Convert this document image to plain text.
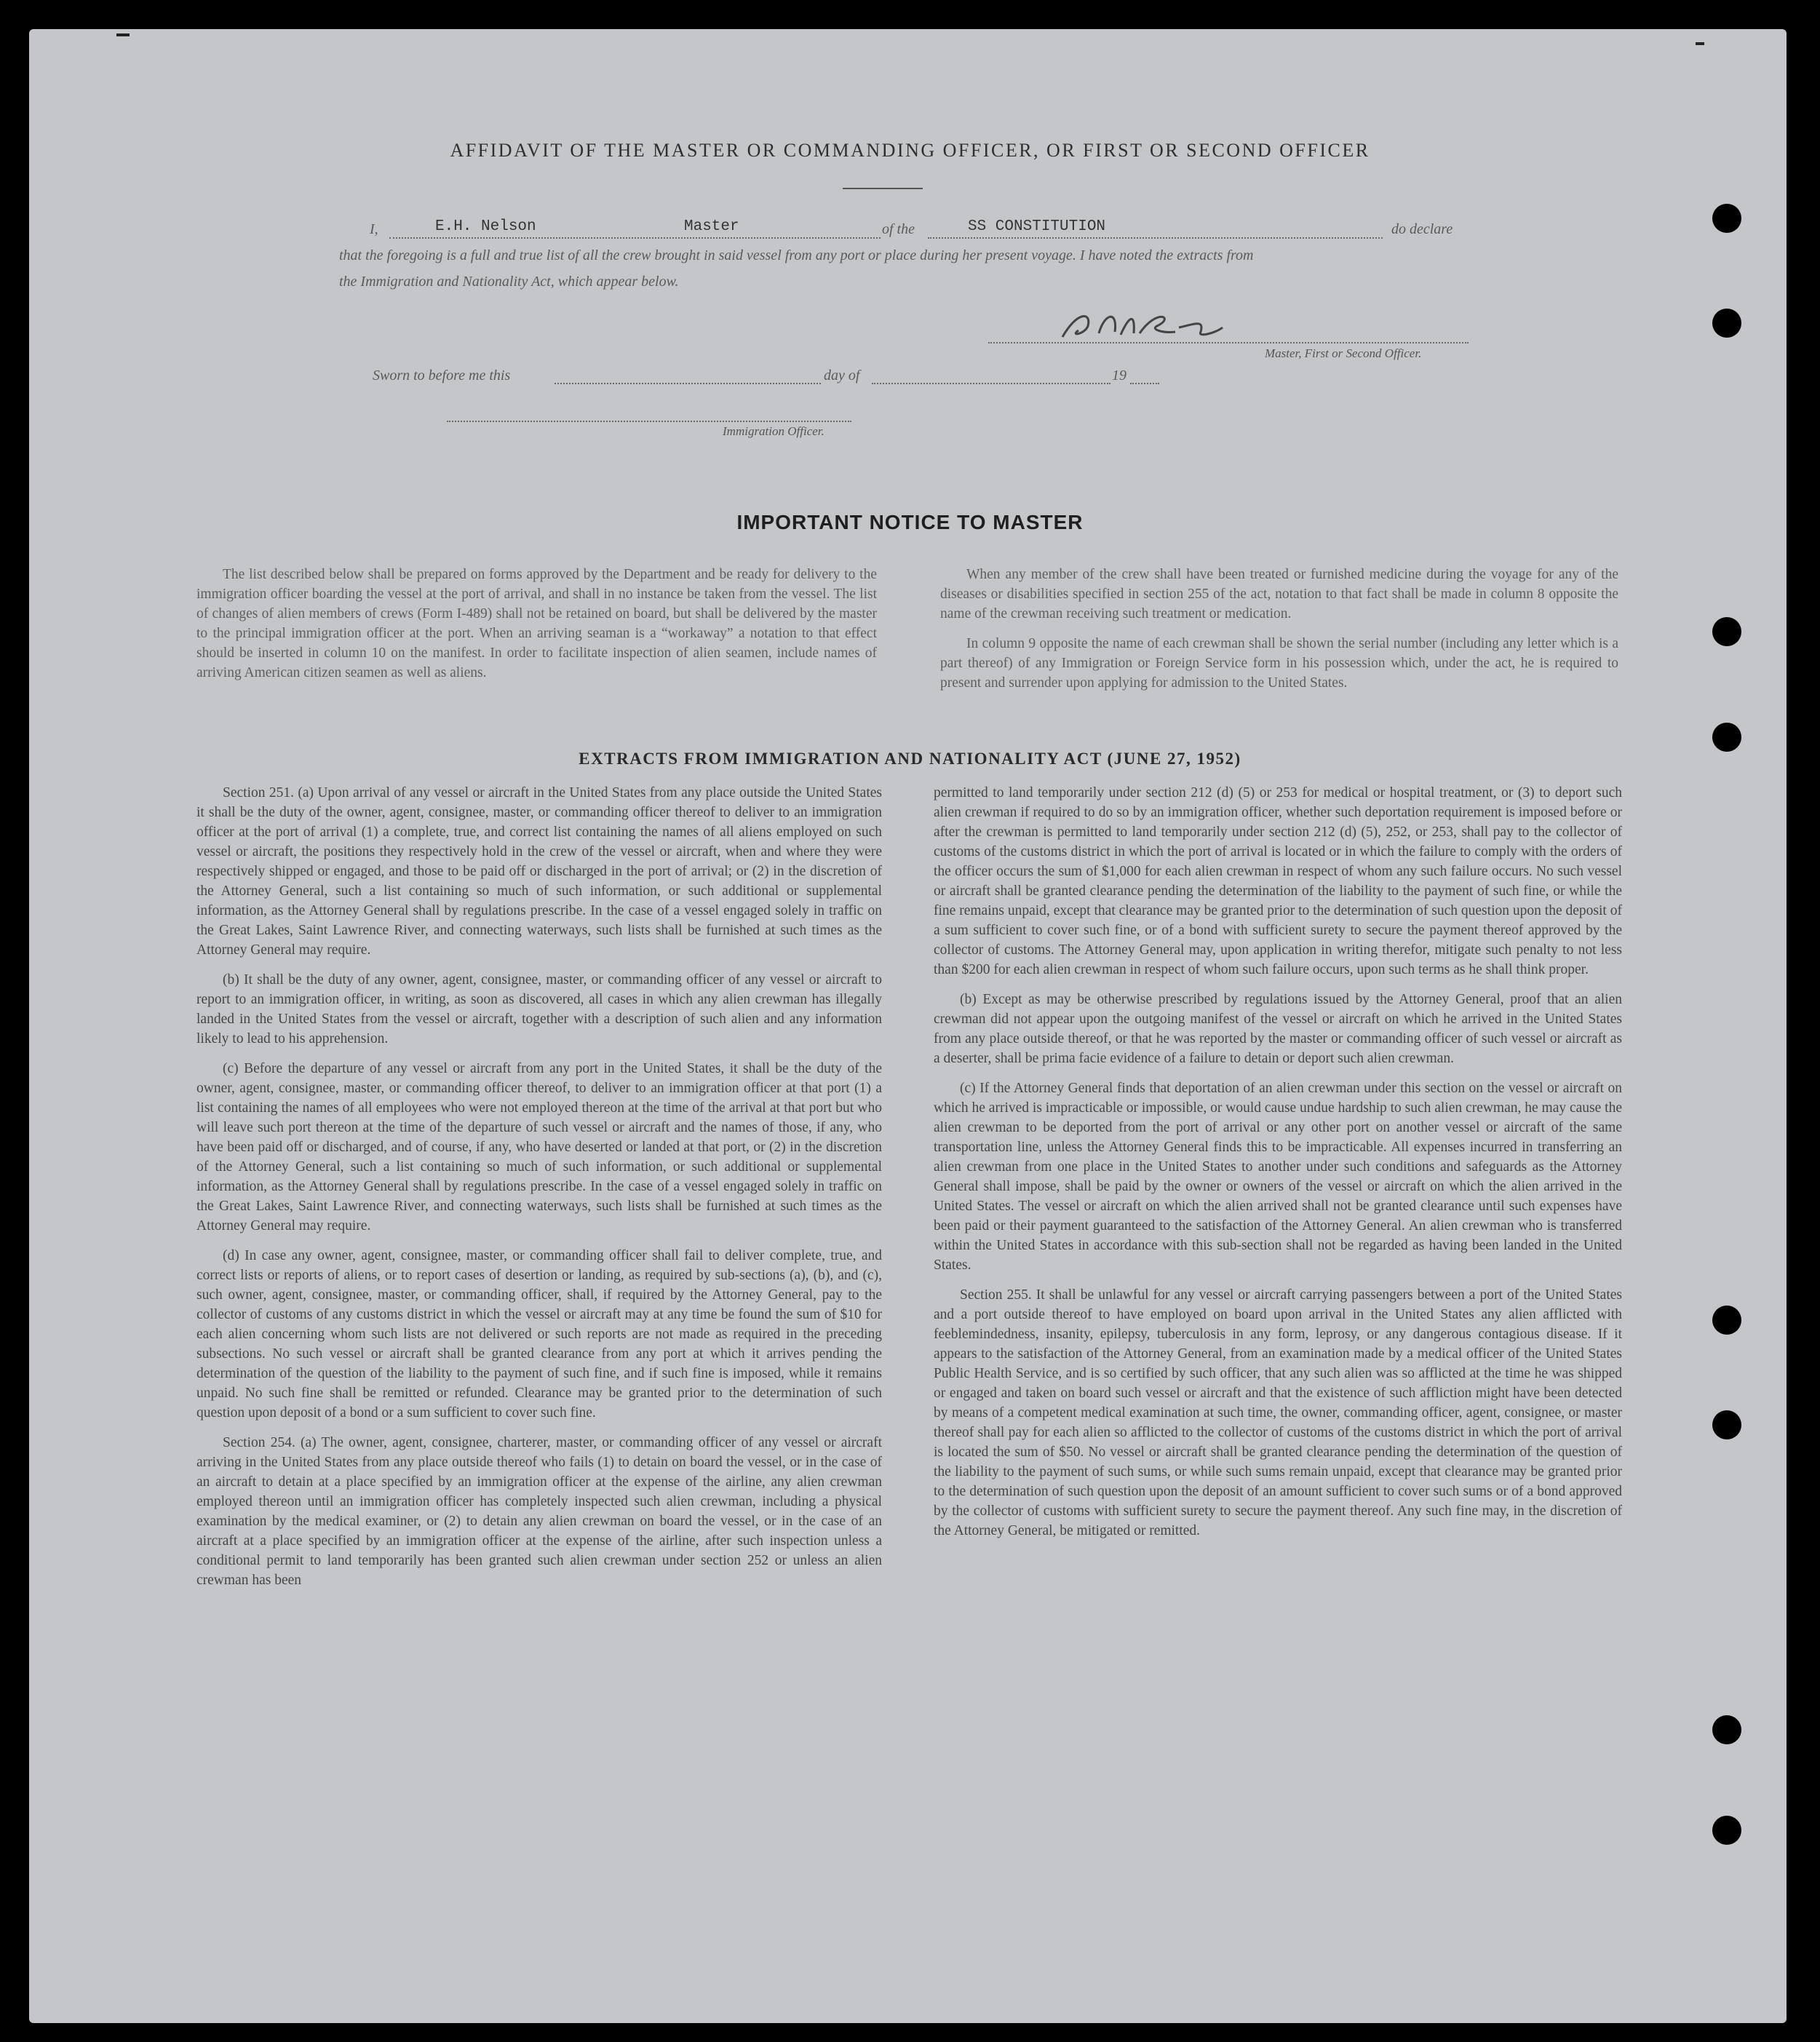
AFFIDAVIT OF THE MASTER OR COMMANDING OFFICER, OR FIRST OR SECOND OFFICER
I,	E.H. Nelson	Master	of the	SS CONSTITUTION	do declare
that the foregoing is a full and true list of all the crew brought in said vessel from any port or place during her present voyage. I have noted the extracts from
the Immigration and Nationality Act, which appear below.
Master, First or Second Officer.
Sworn to before me this	day of	19
Immigration Officer.
IMPORTANT NOTICE TO MASTER

The list described below shall be prepared on forms approved by the Department and be ready for delivery to the immigration officer boarding the vessel at the port of arrival, and shall in no instance be taken from the vessel. The list of changes of alien members of crews (Form I-489) shall not be retained on board, but shall be delivered by the master to the principal immigration officer at the port. When an arriving seaman is a “workaway” a notation to that effect should be inserted in column 10 on the manifest. In order to facilitate inspection of alien seamen, include names of arriving American citizen seamen as well as aliens.

When any member of the crew shall have been treated or furnished medicine during the voyage for any of the diseases or disabilities specified in section 255 of the act, notation to that fact shall be made in column 8 opposite the name of the crewman receiving such treatment or medication.

In column 9 opposite the name of each crewman shall be shown the serial number (including any letter which is a part thereof) of any Immigration or Foreign Service form in his possession which, under the act, he is required to present and surrender upon applying for admission to the United States.

EXTRACTS FROM IMMIGRATION AND NATIONALITY ACT (JUNE 27, 1952)

Section 251. (a) Upon arrival of any vessel or aircraft in the United States from any place outside the United States it shall be the duty of the owner, agent, consignee, master, or commanding officer thereof to deliver to an immigration officer at the port of arrival (1) a complete, true, and correct list containing the names of all aliens employed on such vessel or aircraft, the positions they respectively hold in the crew of the vessel or aircraft, when and where they were respectively shipped or engaged, and those to be paid off or discharged in the port of arrival; or (2) in the discretion of the Attorney General, such a list containing so much of such information, or such additional or supplemental information, as the Attorney General shall by regulations prescribe. In the case of a vessel engaged solely in traffic on the Great Lakes, Saint Lawrence River, and connecting waterways, such lists shall be furnished at such times as the Attorney General may require.

(b) It shall be the duty of any owner, agent, consignee, master, or commanding officer of any vessel or aircraft to report to an immigration officer, in writing, as soon as discovered, all cases in which any alien crewman has illegally landed in the United States from the vessel or aircraft, together with a description of such alien and any information likely to lead to his apprehension.

(c) Before the departure of any vessel or aircraft from any port in the United States, it shall be the duty of the owner, agent, consignee, master, or commanding officer thereof, to deliver to an immigration officer at that port (1) a list containing the names of all employees who were not employed thereon at the time of the arrival at that port but who will leave such port thereon at the time of the departure of such vessel or aircraft and the names of those, if any, who have been paid off or discharged, and of course, if any, who have deserted or landed at that port, or (2) in the discretion of the Attorney General, such a list containing so much of such information, or such additional or supplemental information, as the Attorney General shall by regulations prescribe. In the case of a vessel engaged solely in traffic on the Great Lakes, Saint Lawrence River, and connecting waterways, such lists shall be furnished at such times as the Attorney General may require.

(d) In case any owner, agent, consignee, master, or commanding officer shall fail to deliver complete, true, and correct lists or reports of aliens, or to report cases of desertion or landing, as required by sub-sections (a), (b), and (c), such owner, agent, consignee, master, or commanding officer, shall, if required by the Attorney General, pay to the collector of customs of any customs district in which the vessel or aircraft may at any time be found the sum of $10 for each alien concerning whom such lists are not delivered or such reports are not made as required in the preceding subsections. No such vessel or aircraft shall be granted clearance from any port at which it arrives pending the determination of the question of the liability to the payment of such fine, and if such fine is imposed, while it remains unpaid. No such fine shall be remitted or refunded. Clearance may be granted prior to the determination of such question upon deposit of a bond or a sum sufficient to cover such fine.

Section 254. (a) The owner, agent, consignee, charterer, master, or commanding officer of any vessel or aircraft arriving in the United States from any place outside thereof who fails (1) to detain on board the vessel, or in the case of an aircraft to detain at a place specified by an immigration officer at the expense of the airline, any alien crewman employed thereon until an immigration officer has completely inspected such alien crewman, including a physical examination by the medical examiner, or (2) to detain any alien crewman on board the vessel, or in the case of an aircraft at a place specified by an immigration officer at the expense of the airline, after such inspection unless a conditional permit to land temporarily has been granted such alien crewman under section 252 or unless an alien crewman has been

permitted to land temporarily under section 212 (d) (5) or 253 for medical or hospital treatment, or (3) to deport such alien crewman if required to do so by an immigration officer, whether such deportation requirement is imposed before or after the crewman is permitted to land temporarily under section 212 (d) (5), 252, or 253, shall pay to the collector of customs of the customs district in which the port of arrival is located or in which the failure to comply with the orders of the officer occurs the sum of $1,000 for each alien crewman in respect of whom any such failure occurs. No such vessel or aircraft shall be granted clearance pending the determination of the liability to the payment of such fine, or while the fine remains unpaid, except that clearance may be granted prior to the determination of such question upon the deposit of a sum sufficient to cover such fine, or of a bond with sufficient surety to secure the payment thereof approved by the collector of customs. The Attorney General may, upon application in writing therefor, mitigate such penalty to not less than $200 for each alien crewman in respect of whom such failure occurs, upon such terms as he shall think proper.

(b) Except as may be otherwise prescribed by regulations issued by the Attorney General, proof that an alien crewman did not appear upon the outgoing manifest of the vessel or aircraft on which he arrived in the United States from any place outside thereof, or that he was reported by the master or commanding officer of such vessel or aircraft as a deserter, shall be prima facie evidence of a failure to detain or deport such alien crewman.

(c) If the Attorney General finds that deportation of an alien crewman under this section on the vessel or aircraft on which he arrived is impracticable or impossible, or would cause undue hardship to such alien crewman, he may cause the alien crewman to be deported from the port of arrival or any other port on another vessel or aircraft of the same transportation line, unless the Attorney General finds this to be impracticable. All expenses incurred in transferring an alien crewman from one place in the United States to another under such conditions and safeguards as the Attorney General shall impose, shall be paid by the owner or owners of the vessel or aircraft on which the alien arrived in the United States. The vessel or aircraft on which the alien arrived shall not be granted clearance until such expenses have been paid or their payment guaranteed to the satisfaction of the Attorney General. An alien crewman who is transferred within the United States in accordance with this sub-section shall not be regarded as having been landed in the United States.

Section 255. It shall be unlawful for any vessel or aircraft carrying passengers between a port of the United States and a port outside thereof to have employed on board upon arrival in the United States any alien afflicted with feeblemindedness, insanity, epilepsy, tuberculosis in any form, leprosy, or any dangerous contagious disease. If it appears to the satisfaction of the Attorney General, from an examination made by a medical officer of the United States Public Health Service, and is so certified by such officer, that any such alien was so afflicted at the time he was shipped or engaged and taken on board such vessel or aircraft and that the existence of such affliction might have been detected by means of a competent medical examination at such time, the owner, commanding officer, agent, consignee, or master thereof shall pay for each alien so afflicted to the collector of customs of the customs district in which the port of arrival is located the sum of $50. No vessel or aircraft shall be granted clearance pending the determination of the question of the liability to the payment of such sums, or while such sums remain unpaid, except that clearance may be granted prior to the determination of such question upon the deposit of an amount sufficient to cover such sums or of a bond approved by the collector of customs with sufficient surety to secure the payment thereof. Any such fine may, in the discretion of the Attorney General, be mitigated or remitted.
